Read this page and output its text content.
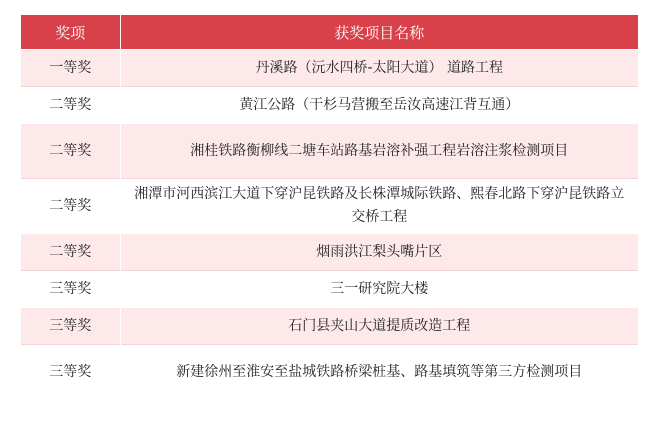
奖项	获奖项目名称
一等奖	丹溪路（沅水四桥-太阳大道） 道路工程
二等奖	黄江公路（干杉马营搬至岳汝高速江背互通）
二等奖	湘桂铁路衡柳线二塘车站路基岩溶补强工程岩溶注浆检测项目
二等奖	湘潭市河西滨江大道下穿沪昆铁路及长株潭城际铁路、熙春北路下穿沪昆铁路立交桥工程
二等奖	烟雨洪江梨头嘴片区
三等奖	三一研究院大楼
三等奖	石门县夹山大道提质改造工程
三等奖	新建徐州至淮安至盐城铁路桥梁桩基、路基填筑等第三方检测项目
